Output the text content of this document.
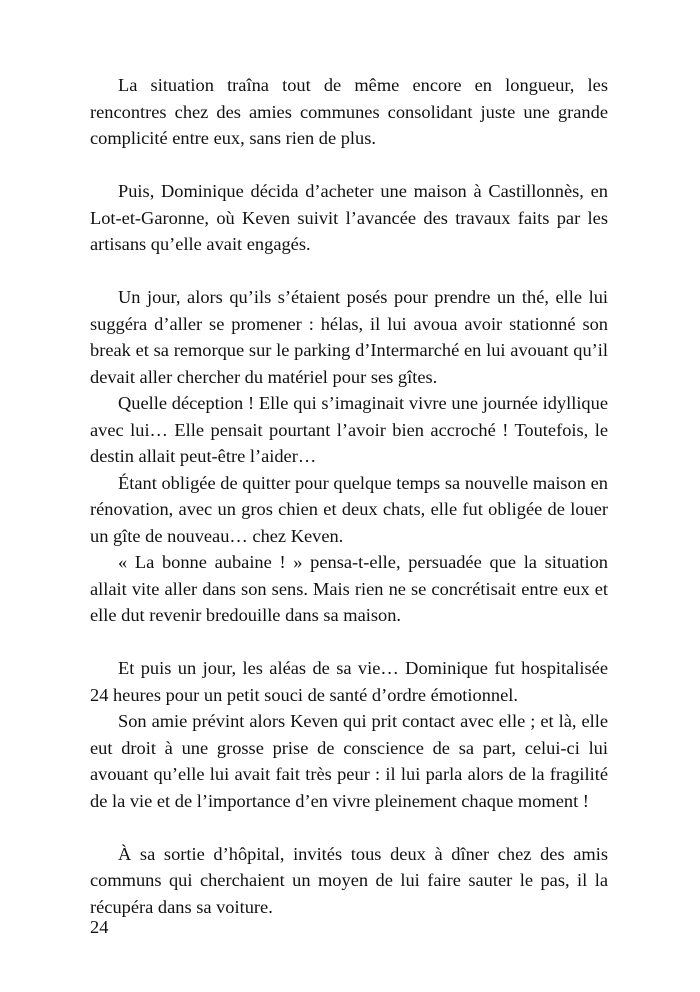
La situation traîna tout de même encore en longueur, les rencontres chez des amies communes consolidant juste une grande complicité entre eux, sans rien de plus.

Puis, Dominique décida d’acheter une maison à Castillonnès, en Lot-et-Garonne, où Keven suivit l’avancée des travaux faits par les artisans qu’elle avait engagés.

Un jour, alors qu’ils s’étaient posés pour prendre un thé, elle lui suggéra d’aller se promener : hélas, il lui avoua avoir stationné son break et sa remorque sur le parking d’Intermarché en lui avouant qu’il devait aller chercher du matériel pour ses gîtes.

Quelle déception ! Elle qui s’imaginait vivre une journée idyllique avec lui… Elle pensait pourtant l’avoir bien accroché ! Toutefois, le destin allait peut-être l’aider…

Étant obligée de quitter pour quelque temps sa nouvelle maison en rénovation, avec un gros chien et deux chats, elle fut obligée de louer un gîte de nouveau… chez Keven.

« La bonne aubaine ! » pensa-t-elle, persuadée que la situation allait vite aller dans son sens. Mais rien ne se concrétisait entre eux et elle dut revenir bredouille dans sa maison.

Et puis un jour, les aléas de sa vie… Dominique fut hospitalisée 24 heures pour un petit souci de santé d’ordre émotionnel.

Son amie prévint alors Keven qui prit contact avec elle ; et là, elle eut droit à une grosse prise de conscience de sa part, celui-ci lui avouant qu’elle lui avait fait très peur : il lui parla alors de la fragilité de la vie et de l’importance d’en vivre pleinement chaque moment !

À sa sortie d’hôpital, invités tous deux à dîner chez des amis communs qui cherchaient un moyen de lui faire sauter le pas, il la récupéra dans sa voiture.

24
